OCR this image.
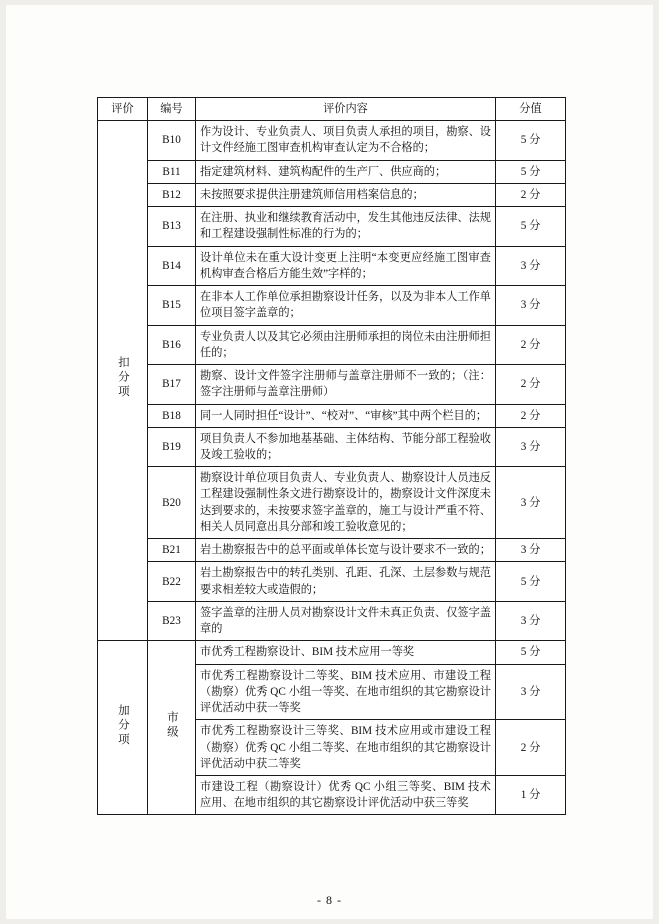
评价	编号	评价内容	分值
扣分项	B10	作为设计、专业负责人、项目负责人承担的项目，勘察、设计文件经施工图审查机构审查认定为不合格的；	5 分
	B11	指定建筑材料、建筑构配件的生产厂、供应商的；	5 分
	B12	未按照要求提供注册建筑师信用档案信息的；	2 分
	B13	在注册、执业和继续教育活动中，发生其他违反法律、法规和工程建设强制性标准的行为的；	5 分
	B14	设计单位未在重大设计变更上注明“本变更应经施工图审查机构审查合格后方能生效”字样的；	3 分
	B15	在非本人工作单位承担勘察设计任务，以及为非本人工作单位项目签字盖章的；	3 分
	B16	专业负责人以及其它必须由注册师承担的岗位未由注册师担任的；	2 分
	B17	勘察、设计文件签字注册师与盖章注册师不一致的；（注：签字注册师与盖章注册师）	2 分
	B18	同一人同时担任“设计”、“校对”、“审核”其中两个栏目的；	2 分
	B19	项目负责人不参加地基基础、主体结构、节能分部工程验收及竣工验收的；	3 分
	B20	勘察设计单位项目负责人、专业负责人、勘察设计人员违反工程建设强制性条文进行勘察设计的，勘察设计文件深度未达到要求的，未按要求签字盖章的，施工与设计严重不符、相关人员同意出具分部和竣工验收意见的；	3 分
	B21	岩土勘察报告中的总平面或单体长宽与设计要求不一致的；	3 分
	B22	岩土勘察报告中的转孔类别、孔距、孔深、土层参数与规范要求相差较大或造假的；	5 分
	B23	签字盖章的注册人员对勘察设计文件未真正负责、仅签字盖章的	3 分
加分项	市级	市优秀工程勘察设计、BIM 技术应用一等奖	5 分
		市优秀工程勘察设计二等奖、BIM 技术应用、市建设工程（勘察）优秀 QC 小组一等奖、在地市组织的其它勘察设计评优活动中获一等奖	3 分
		市优秀工程勘察设计三等奖、BIM 技术应用或市建设工程（勘察）优秀 QC 小组二等奖、在地市组织的其它勘察设计评优活动中获二等奖	2 分
		市建设工程（勘察设计）优秀 QC 小组三等奖、BIM 技术应用、在地市组织的其它勘察设计评优活动中获三等奖	1 分
- 8 -
